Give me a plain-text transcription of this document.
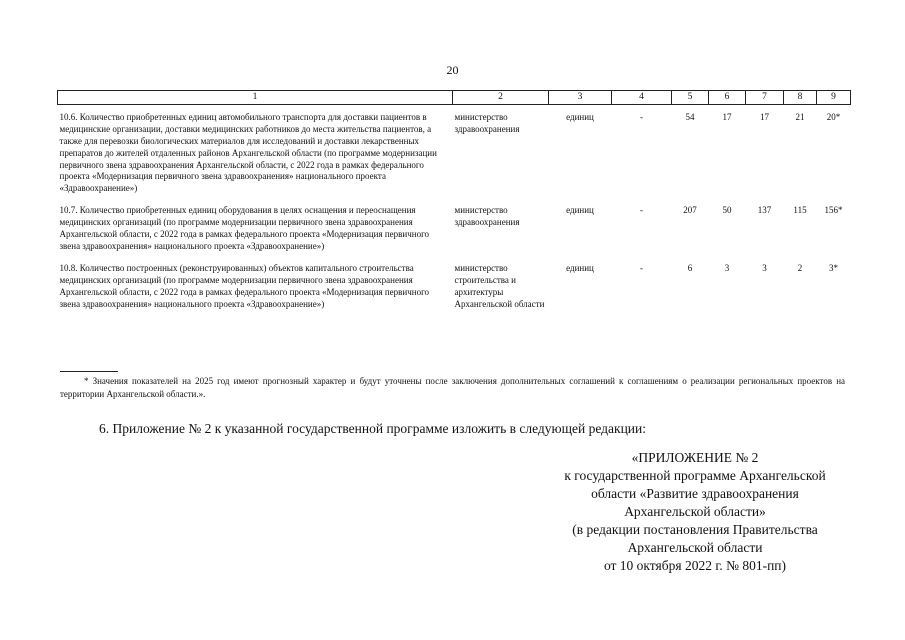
20
1	2	3	4	5	6	7	8	9
10.6. Количество приобретенных единиц автомобильного транспорта для доставки пациентов в медицинские организации, доставки медицинских работников до места жительства пациентов, а также для перевозки биологических материалов для исследований и доставки лекарственных препаратов до жителей отдаленных районов Архангельской области (по программе модернизации первичного звена здравоохранения Архангельской области, с 2022 года в рамках федерального проекта «Модернизация первичного звена здравоохранения» национального проекта «Здравоохранение»)	министерство здравоохранения	единиц	-	54	17	17	21	20*
10.7. Количество приобретенных единиц оборудования в целях оснащения и переоснащения медицинских организаций (по программе модернизации первичного звена здравоохранения Архангельской области, с 2022 года в рамках федерального проекта «Модернизация первичного звена здравоохранения» национального проекта «Здравоохранение»)	министерство здравоохранения	единиц	-	207	50	137	115	156*
10.8. Количество построенных (реконструированных) объектов капитального строительства медицинских организаций (по программе модернизации первичного звена здравоохранения Архангельской области, с 2022 года в рамках федерального проекта «Модернизация первичного звена здравоохранения» национального проекта «Здравоохранение»)	министерство строительства и архитектуры Архангельской области	единиц	-	6	3	3	2	3*
* Значения показателей на 2025 год имеют прогнозный характер и будут уточнены после заключения дополнительных соглашений к соглашениям о реализации региональных проектов на территории Архангельской области.».
6. Приложение № 2 к указанной государственной программе изложить в следующей редакции:
«ПРИЛОЖЕНИЕ № 2
к государственной программе Архангельской
области «Развитие здравоохранения
Архангельской области»
(в редакции постановления Правительства
Архангельской области
от 10 октября 2022 г. № 801-пп)
